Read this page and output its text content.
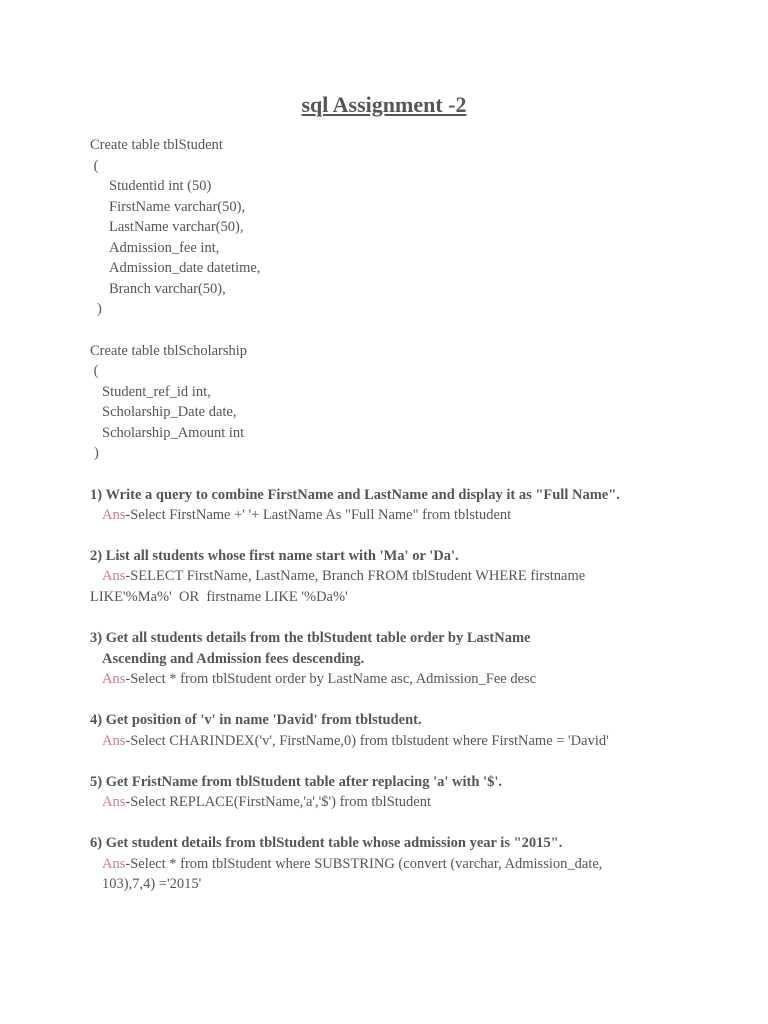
sql Assignment -2
Create table tblStudent
(
Studentid int (50)
FirstName varchar(50),
LastName varchar(50),
Admission_fee int,
Admission_date datetime,
Branch varchar(50),
)
Create table tblScholarship
(
Student_ref_id int,
Scholarship_Date date,
Scholarship_Amount int
)
1) Write a query to combine FirstName and LastName and display it as "Full Name".
Ans-Select FirstName +' '+ LastName As "Full Name" from tblstudent
2) List all students whose first name start with 'Ma' or 'Da'.
Ans-SELECT FirstName, LastName, Branch FROM tblStudent WHERE firstname
LIKE'%Ma%'  OR  firstname LIKE '%Da%'
3) Get all students details from the tblStudent table order by LastName
Ascending and Admission fees descending.
Ans-Select * from tblStudent order by LastName asc, Admission_Fee desc
4) Get position of 'v' in name 'David' from tblstudent.
Ans-Select CHARINDEX('v', FirstName,0) from tblstudent where FirstName = 'David'
5) Get FristName from tblStudent table after replacing 'a' with '$'.
Ans-Select REPLACE(FirstName,'a','$') from tblStudent
6) Get student details from tblStudent table whose admission year is "2015".
Ans-Select * from tblStudent where SUBSTRING (convert (varchar, Admission_date,
103),7,4) ='2015'
